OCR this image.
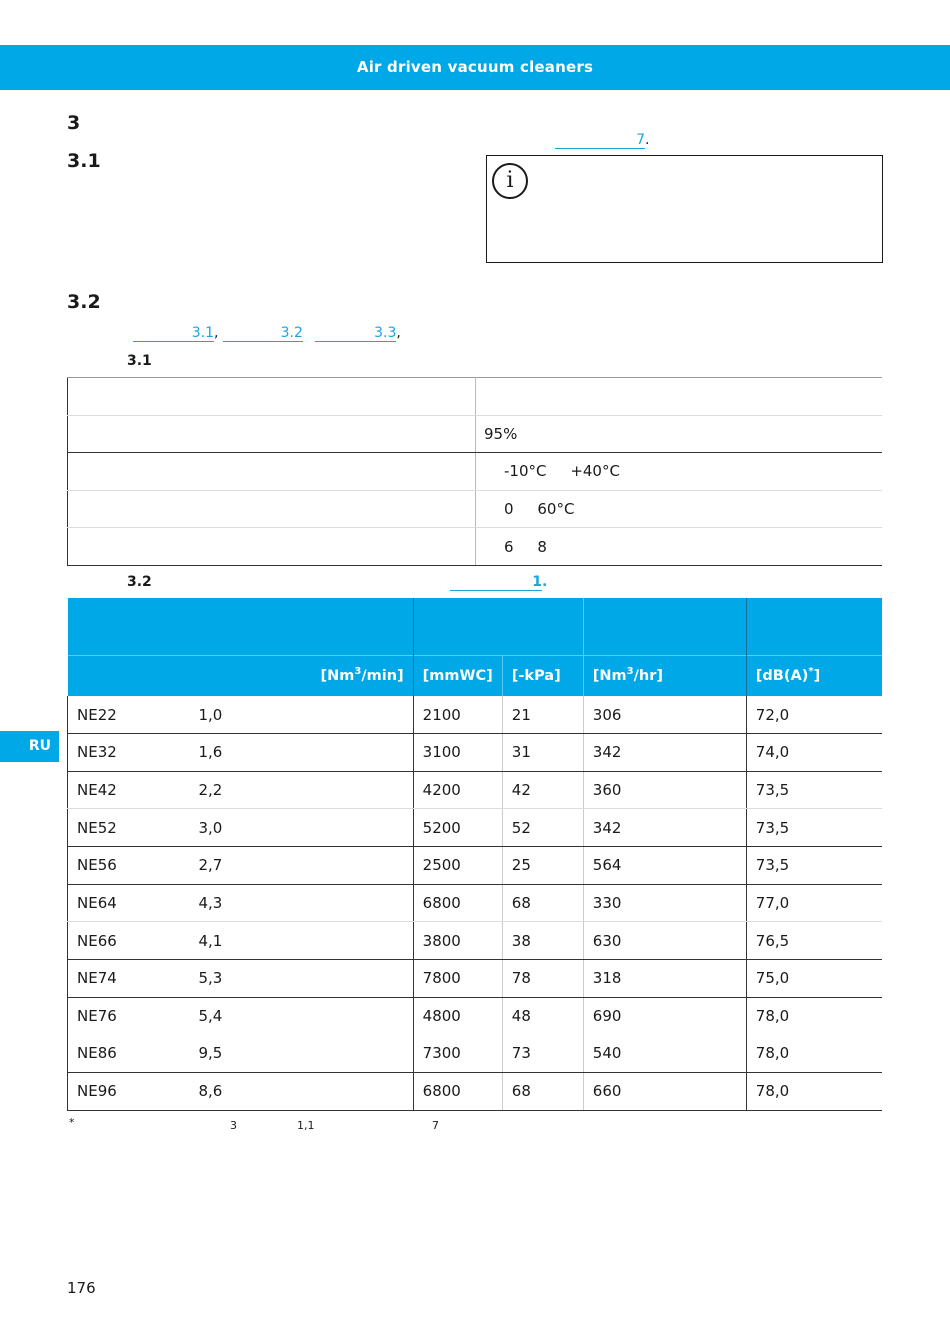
Air driven vacuum cleaners
3
3.1
7.
i
3.2
3.1,	3.2	3.3,
3.1

	95%
	-10°C     +40°C
	0     60°C
	6     8
3.2	1.

	[Nm$^3$/min]	[mmWC]	[-kPa]	[Nm$^3$/hr]	[dB(A)*]
NE22	1,0	2100	21	306	72,0
NE32	1,6	3100	31	342	74,0
NE42	2,2	4200	42	360	73,5
NE52	3,0	5200	52	342	73,5
NE56	2,7	2500	25	564	73,5
NE64	4,3	6800	68	330	77,0
NE66	4,1	3800	38	630	76,5
NE74	5,3	7800	78	318	75,0
NE76	5,4	4800	48	690	78,0
NE86	9,5	7300	73	540	78,0
NE96	8,6	6800	68	660	78,0
*	3	1,1	7
RU
176
